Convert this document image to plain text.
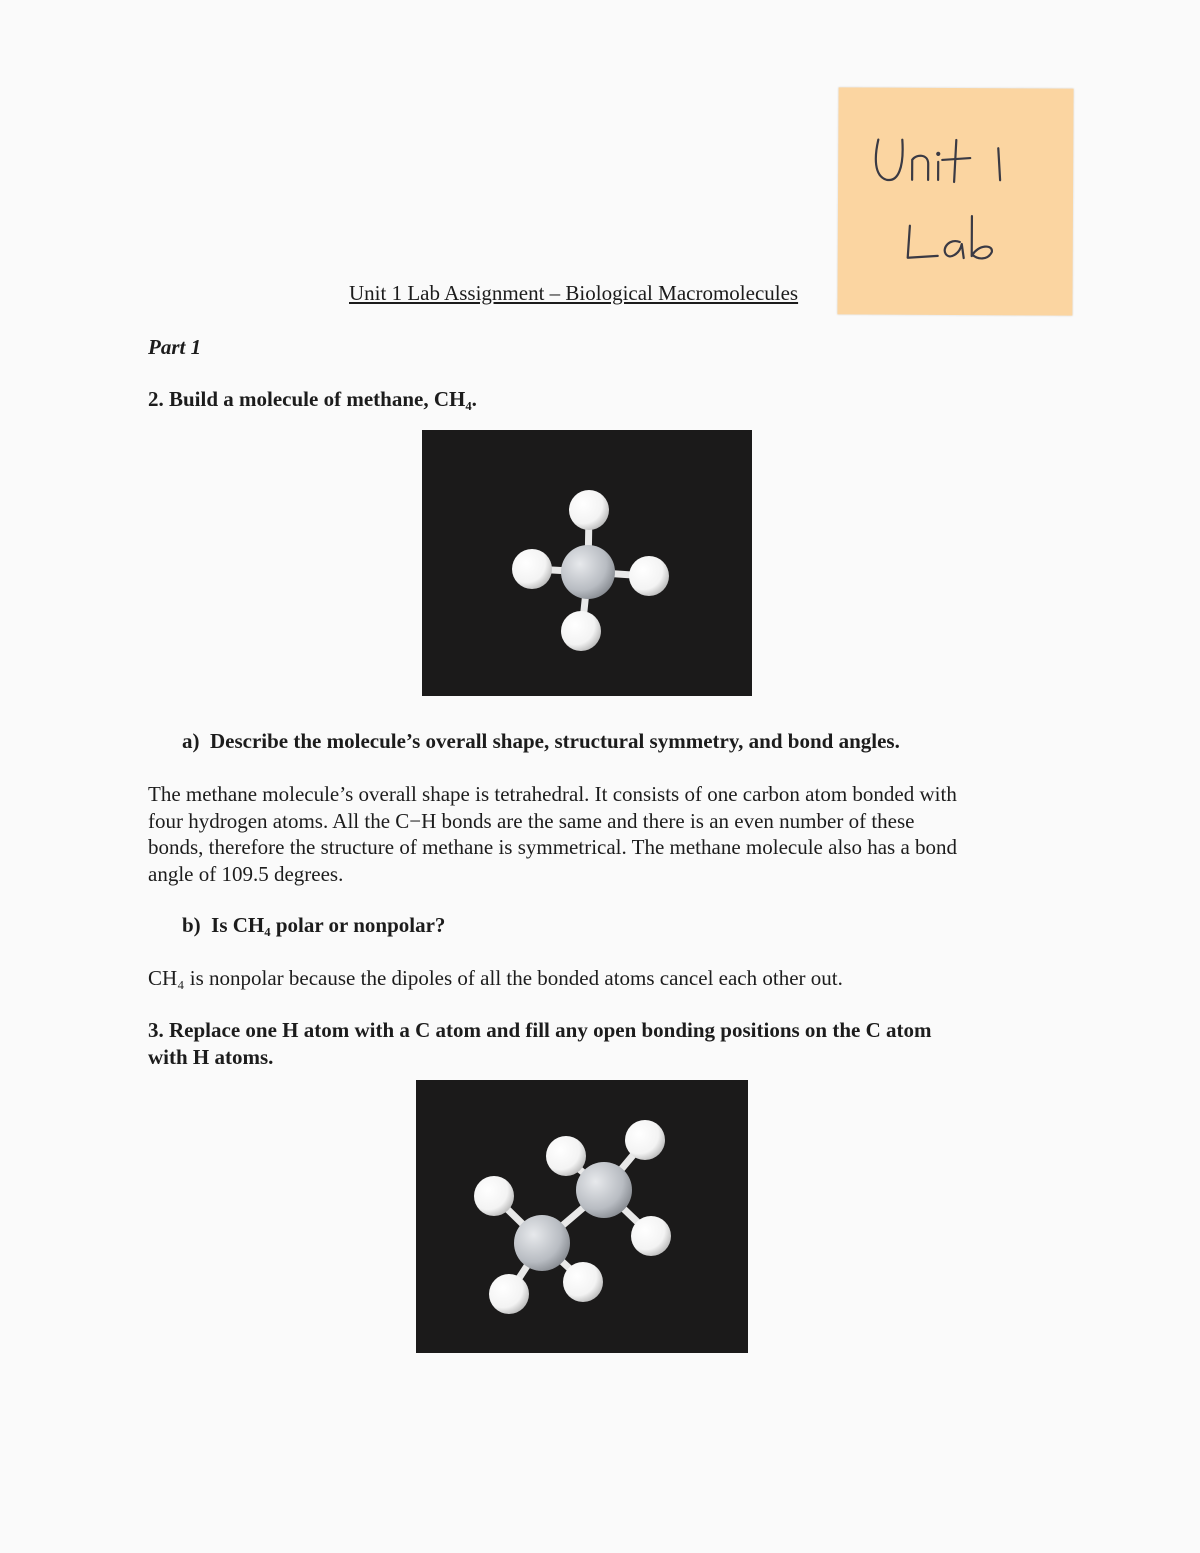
Unit 1 Lab Assignment – Biological Macromolecules
Part 1
2. Build a molecule of methane, CH₄.
a) Describe the molecule’s overall shape, structural symmetry, and bond angles.
The methane molecule’s overall shape is tetrahedral. It consists of one carbon atom bonded with
four hydrogen atoms. All the C−H bonds are the same and there is an even number of these
bonds, therefore the structure of methane is symmetrical. The methane molecule also has a bond
angle of 109.5 degrees.
b) Is CH₄ polar or nonpolar?
CH₄ is nonpolar because the dipoles of all the bonded atoms cancel each other out.
3. Replace one H atom with a C atom and fill any open bonding positions on the C atom
with H atoms.
